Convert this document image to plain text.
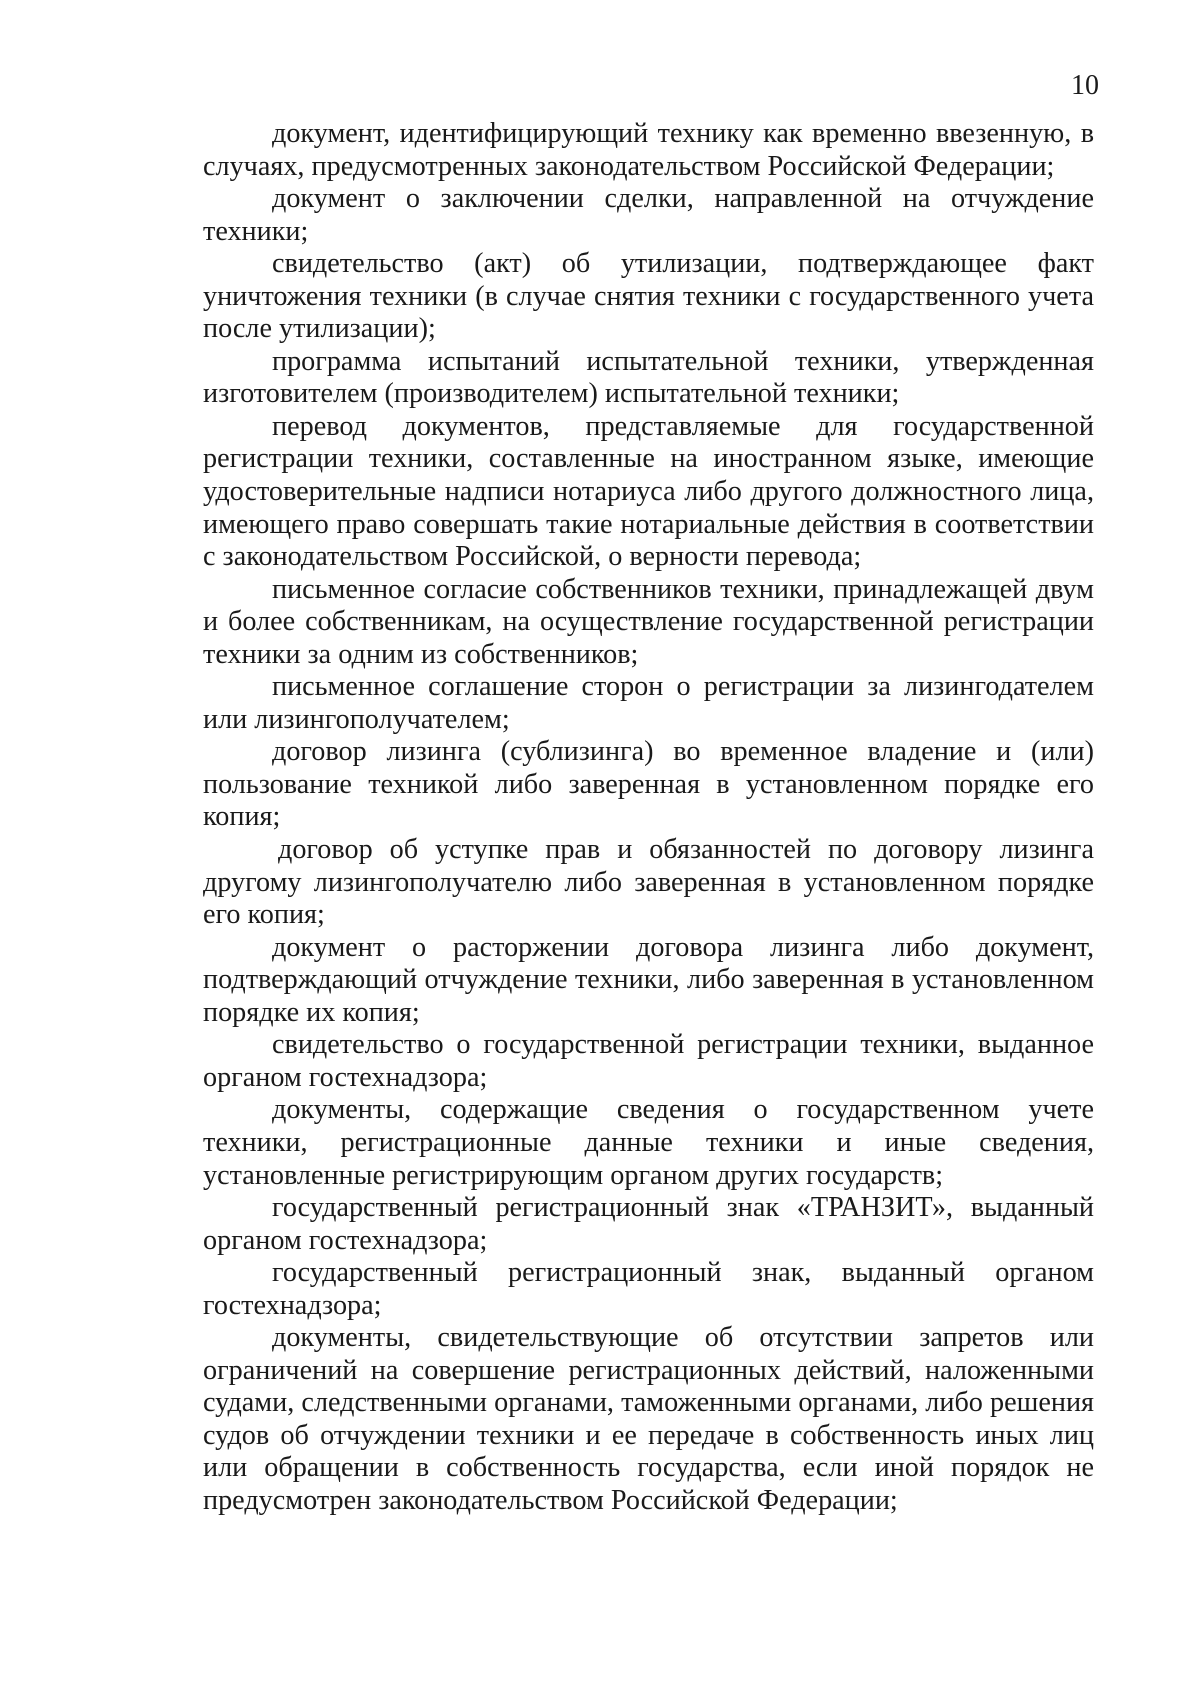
10

документ, идентифицирующий технику как временно ввезенную, в случаях, предусмотренных законодательством Российской Федерации;

документ о заключении сделки, направленной на отчуждение техники;

свидетельство (акт) об утилизации, подтверждающее факт уничтожения техники (в случае снятия техники с государственного учета после утилизации);

программа испытаний испытательной техники, утвержденная изготовителем (производителем) испытательной техники;

перевод документов, представляемые для государственной регистрации техники, составленные на иностранном языке, имеющие удостоверительные надписи нотариуса либо другого должностного лица, имеющего право совершать такие нотариальные действия в соответствии с законодательством Российской, о верности перевода;

письменное согласие собственников техники, принадлежащей двум и более собственникам, на осуществление государственной регистрации техники за одним из собственников;

письменное соглашение сторон о регистрации за лизингодателем или лизингополучателем;

договор лизинга (сублизинга) во временное владение и (или) пользование техникой либо заверенная в установленном порядке его копия;

договор об уступке прав и обязанностей по договору лизинга другому лизингополучателю либо заверенная в установленном порядке его копия;

документ о расторжении договора лизинга либо документ, подтверждающий отчуждение техники, либо заверенная в установленном порядке их копия;

свидетельство о государственной регистрации техники, выданное органом гостехнадзора;

документы, содержащие сведения о государственном учете техники, регистрационные данные техники и иные сведения, установленные регистрирующим органом других государств;

государственный регистрационный знак «ТРАНЗИТ», выданный органом гостехнадзора;

государственный регистрационный знак, выданный органом гостехнадзора;

документы, свидетельствующие об отсутствии запретов или ограничений на совершение регистрационных действий, наложенными судами, следственными органами, таможенными органами, либо решения судов об отчуждении техники и ее передаче в собственность иных лиц или обращении в собственность государства, если иной порядок не предусмотрен законодательством Российской Федерации;
